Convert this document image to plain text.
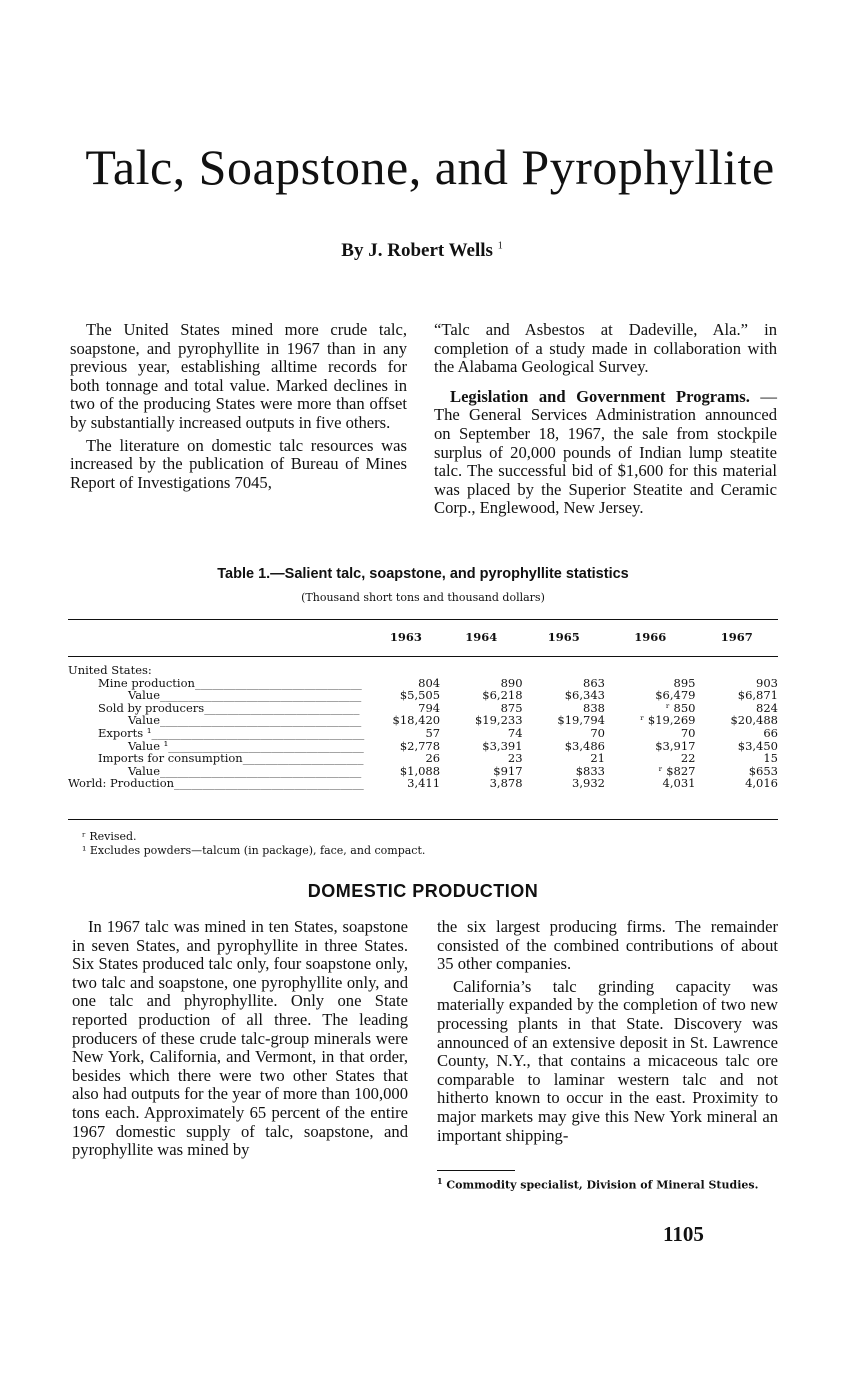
Talc, Soapstone, and Pyrophyllite
By J. Robert Wells $^1$

The United States mined more crude talc, soapstone, and pyrophyllite in 1967 than in any previous year, establishing alltime records for both tonnage and total value. Marked declines in two of the producing States were more than offset by substantially increased outputs in five others.

The literature on domestic talc resources was increased by the publication of Bureau of Mines Report of Investigations 7045,

“Talc and Asbestos at Dadeville, Ala.” in completion of a study made in collaboration with the Alabama Geological Survey.

Legislation and Government Programs. —The General Services Administration announced on September 18, 1967, the sale from stockpile surplus of 20,000 pounds of Indian lump steatite talc. The successful bid of $1,600 for this material was placed by the Superior Steatite and Ceramic Corp., Englewood, New Jersey.

Table 1.—Salient talc, soapstone, and pyrophyllite statistics
(Thousand short tons and thousand dollars)
	1963	1964	1965	1966	1967

United States:					
Mine production_____________________________	804	890	863	895	903
Value___________________________________	$5,505	$6,218	$6,343	$6,479	$6,871
Sold by producers___________________________	794	875	838	ʳ 850	824
Value___________________________________	$18,420	$19,233	$19,794	ʳ $19,269	$20,488
Exports ¹_____________________________________	57	74	70	70	66
Value ¹__________________________________	$2,778	$3,391	$3,486	$3,917	$3,450
Imports for consumption_____________________	26	23	21	22	15
Value___________________________________	$1,088	$917	$833	ʳ $827	$653
World: Production_________________________________	3,411	3,878	3,932	4,031	4,016
ʳ Revised.
¹ Excludes powders—talcum (in package), face, and compact.
DOMESTIC PRODUCTION

In 1967 talc was mined in ten States, soapstone in seven States, and pyrophyllite in three States. Six States produced talc only, four soapstone only, two talc and soapstone, one pyrophyllite only, and one talc and phyrophyllite. Only one State reported production of all three. The leading producers of these crude talc-group minerals were New York, California, and Vermont, in that order, besides which there were two other States that also had outputs for the year of more than 100,000 tons each. Approximately 65 percent of the entire 1967 domestic supply of talc, soapstone, and pyrophyllite was mined by

the six largest producing firms. The remainder consisted of the combined contributions of about 35 other companies.

California’s talc grinding capacity was materially expanded by the completion of two new processing plants in that State. Discovery was announced of an extensive deposit in St. Lawrence County, N.Y., that contains a micaceous talc ore comparable to laminar western talc and not hitherto known to occur in the east. Proximity to major markets may give this New York mineral an important shipping-

$^1$ Commodity specialist, Division of Mineral Studies.
1105
